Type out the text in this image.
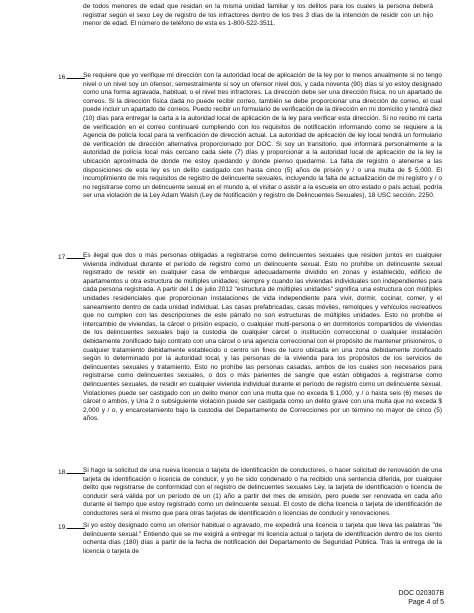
de todos menores de edad que residan en la misma unidad familiar y los delitos para los cuales la persona deberá registrar según el sexo Ley de registro de los infractores dentro de los tres 3 días de la intención de residir con un hijo menor de edad. El número de teléfono de esta es 1-800-522-3511.

16.	Se requiere que yo verifique mi dirección con la autoridad local de aplicación de la ley por lo menos anualmente si no tengo nivel o un nivel soy un ofensor, semestralmente si soy un ofensor nivel dos, y cada noventa (90) días si yo estoy designado como una forma agravada, habitual, o el nivel tres infractores. La dirección debe ser una dirección física, no un apartado de correos. Si la dirección física dada no puede recibir correo, también se debe proporcionar una dirección de correo, el cual puede incluir un apartado de correos. Puedo recibir un formulario de verificación de la dirección en mi domicilio y tendrá diez (10) días para entregar la carta a la autoridad local de aplicación de la ley para verificar esta dirección. Si no recibo mi carta de verificación en el correo continuaré cumpliendo con los requisitos de notificación informando como se requiere a la Agencia de policía local para la verificación de dirección actual. La autoridad de aplicación de ley local tendrá un formulario de verificación de dirección alternativa proporcionado por DOC. Si soy un transitorio, que informará personalmente a la autoridad de policía local más cercano cada siete (7) días y proporcionar a la autoridad local de aplicación de la ley la ubicación aproximada de donde me estoy quedando y donde pienso quedarme. La falta de registro o atenerse a las disposiciones de esta ley es un delito castigado con hasta cinco (5) años de prisión y / o una multa de $ 5,000. El incumplimiento de mis requisitos de registro de delincuente sexuales, incluyendo la falta de actualización de mi registro y / o no registrarse como un delincuente sexual en el mundo a, el visitar o asistir a la escuela en otro estado o país actual, podría ser una violación de la Ley Adam Walsh (Ley de Notificación y registro de Delincuentes Sexuales), 18 USC sección. 2250.

17.	Es ilegal que dos o más personas obligadas a registrarse como delincuentes sexuales que residen juntos en cualquier vivienda individual durante el período de registro como un delincuente sexual. Esto no prohíbe un delincuente sexual registrado de residir en cualquier casa de embarque adecuadamente dividido en zonas y establecido, edificio de apartamentos u otra estructura de múltiples unidades; siempre y cuando las viviendas individuales son independientes para cada persona registrada. A partir del 1 de julio 2012 "estructura de múltiples unidades" significa una estructura con múltiples unidades residenciales que proporcionan instalaciones de vida independiente para vivir, dormir, cocinar, comer, y el saneamiento dentro de cada unidad individual. Las casas prefabricadas, casas móviles, remolques y vehículos recreativos que no cumplen con las descripciones de este párrafo no son estructuras de múltiples unidades. Esto no prohíbe el intercambio de viviendas, la cárcel o prisión espacio, o cualquier multi-persona o en dormitorios compartidos de viviendas de los delincuentes sexuales bajo la custodia de cualquier cárcel o institución correccional o cualquier instalación debidamente zonificado bajo contrato con una cárcel o una agencia correccional con el propósito de mantener prisioneros, o cualquier tratamiento debidamente establecido o centro sin fines de lucro ubicada en una zona debidamente zonificado según lo determinado por la autoridad local, y las personas de la vivienda para los propósitos de los servicios de delincuentes sexuales y tratamiento. Esto no prohíbe las personas casadas, ambos de los cuales son necesarios para registrarse como delincuentes sexuales, o dos o más parientes de sangre que están obligados a registrarse como delincuentes sexuales, de residir en cualquier vivienda individual durante el período de registro como un delincuente sexual. Violaciones puede ser castigado con un delito menor con una multa que no exceda $ 1,000, y / o hasta seis (6) meses de cárcel o ambos, y Una 2 o subsiguiente violación puede ser castigada como un delito grave con una multa que no exceda $ 2,000 y / o, y encarcelamiento bajo la custodia del Departamento de Correcciones por un término no mayor de cinco (5) años.

18.	Si hago la solicitud de una nueva licencia o tarjeta de identificación de conductores, o hacer solicitud de renovación de una tarjeta de identificación o licencia de conducir, y yo he sido condenado o ha recibido una sentencia diferida, por cualquier delito que registrarse de conformidad con el registro de delincuentes sexuales Ley, la tarjeta de identificación o licencia de conducir será válida por un período de un (1) año a partir del mes de emisión, pero puede ser renovada en cada año durante el tiempo que estoy registrado como un delincuente sexual. El costo de dicha licencia o tarjeta de identificación de conductores será el mismo que para otras tarjetas de identificación o licencias de conducir y renovaciones.

19.	Si yo estoy designado como un ofensor habitual o agravado, me expedirá una licencia o tarjeta que lleva las palabras "de delincuente sexual." Entiendo que se me exigirá a entregar mi licencia actual o tarjeta de identificación dentro de los ciento ochenta días (180) días a partir de la fecha de notificación del Departamento de Seguridad Pública. Tras la entrega de la licencia o tarjeta de

DOC 020307B
Page 4 of 5
